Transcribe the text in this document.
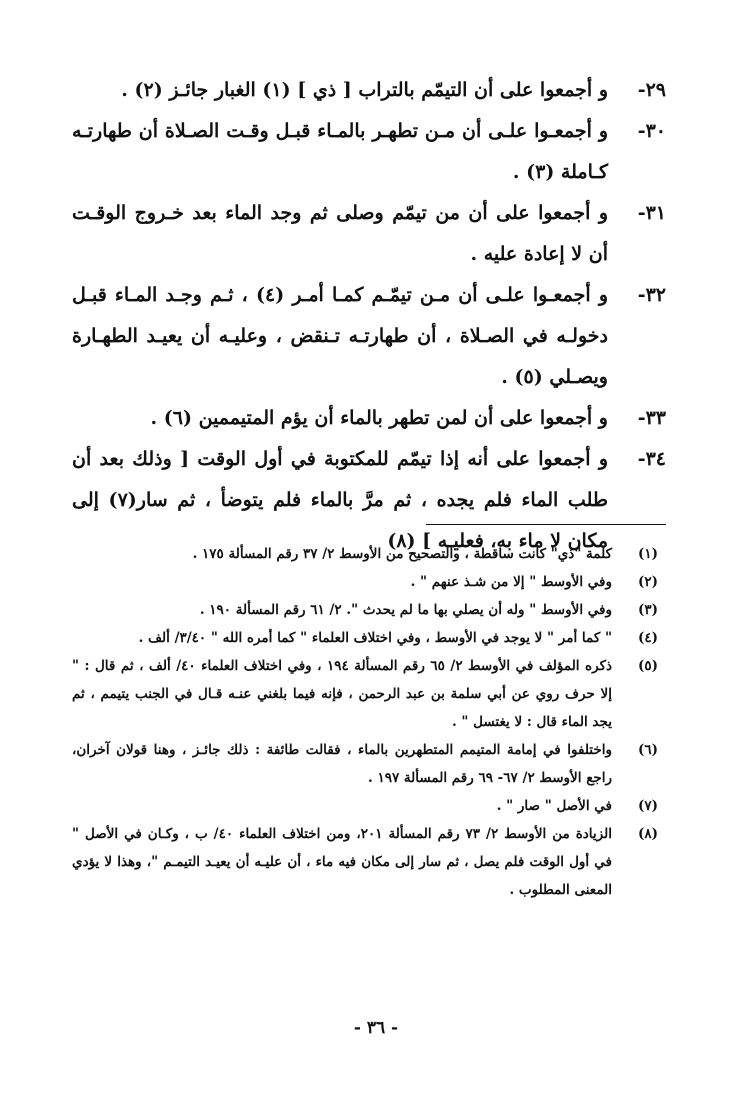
٢٩-
و أجمعوا على أن التيمّم بالتراب [ ذي ] (١) الغبار جائـز (٢) .
٣٠-
و أجمعـوا علـى أن مـن تطهـر بالمـاء قبـل وقـت الصـلاة أن طهارتـه كـاملة (٣) .
٣١-
و أجمعوا على أن من تيمّم وصلى ثم وجد الماء بعد خـروج الوقـت أن لا إعادة عليه .
٣٢-
و أجمعـوا علـى أن مـن تيمّـم كمـا أمـر (٤) ، ثـم وجـد المـاء قبـل دخولـه في الصـلاة ، أن طهارتـه تـنقض ، وعليـه أن يعيـد الطهـارة ويصـلي (٥) .
٣٣-
و أجمعوا على أن لمن تطهر بالماء أن يؤم المتيممين (٦) .
٣٤-
و أجمعوا على أنه إذا تيمّم للمكتوبة في أول الوقت [ وذلك بعد أن طلب الماء فلم يجده ، ثم مرَّ بالماء فلم يتوضأ ، ثم سار(٧) إلى مكان لا ماء به، فعليـه ] (٨)
(١)
كلمة "ذي" كانت ساقطة ، والتصحيح من الأوسط ٢/ ٣٧ رقم المسألة ١٧٥ .
(٢)
وفي الأوسط " إلا من شـذ عنهم " .
(٣)
وفي الأوسط " وله أن يصلي بها ما لم يحدث ". ٢/ ٦١ رقم المسألة ١٩٠ .
(٤)
" كما أمر " لا يوجد في الأوسط ، وفي اختلاف العلماء " كما أمره الله " ٣/٤٠/ ألف .
(٥)
ذكره المؤلف في الأوسط ٢/ ٦٥ رقم المسألة ١٩٤ ، وفي اختلاف العلماء ٤٠/ ألف ، ثم قال : " إلا حرف روي عن أبي سلمة بن عبد الرحمن ، فإنه فيما بلغني عنـه قـال في الجنب يتيمم ، ثم يجد الماء قال : لا يغتسل " .
(٦)
واختلفوا في إمامة المتيمم المتطهرين بالماء ، فقالت طائفة : ذلك جائـز ، وهنا قولان آخران، راجع الأوسط ٢/ ٦٧- ٦٩ رقم المسألة ١٩٧ .
(٧)
في الأصل " صار " .
(٨)
الزيادة من الأوسط ٢/ ٧٣ رقم المسألة ٢٠١، ومن اختلاف العلماء ٤٠/ ب ، وكـان في الأصل " في أول الوقت فلم يصل ، ثم سار إلى مكان فيه ماء ، أن عليـه أن يعيـد التيمـم "، وهذا لا يؤدي المعنى المطلوب .
- ٣٦ -
